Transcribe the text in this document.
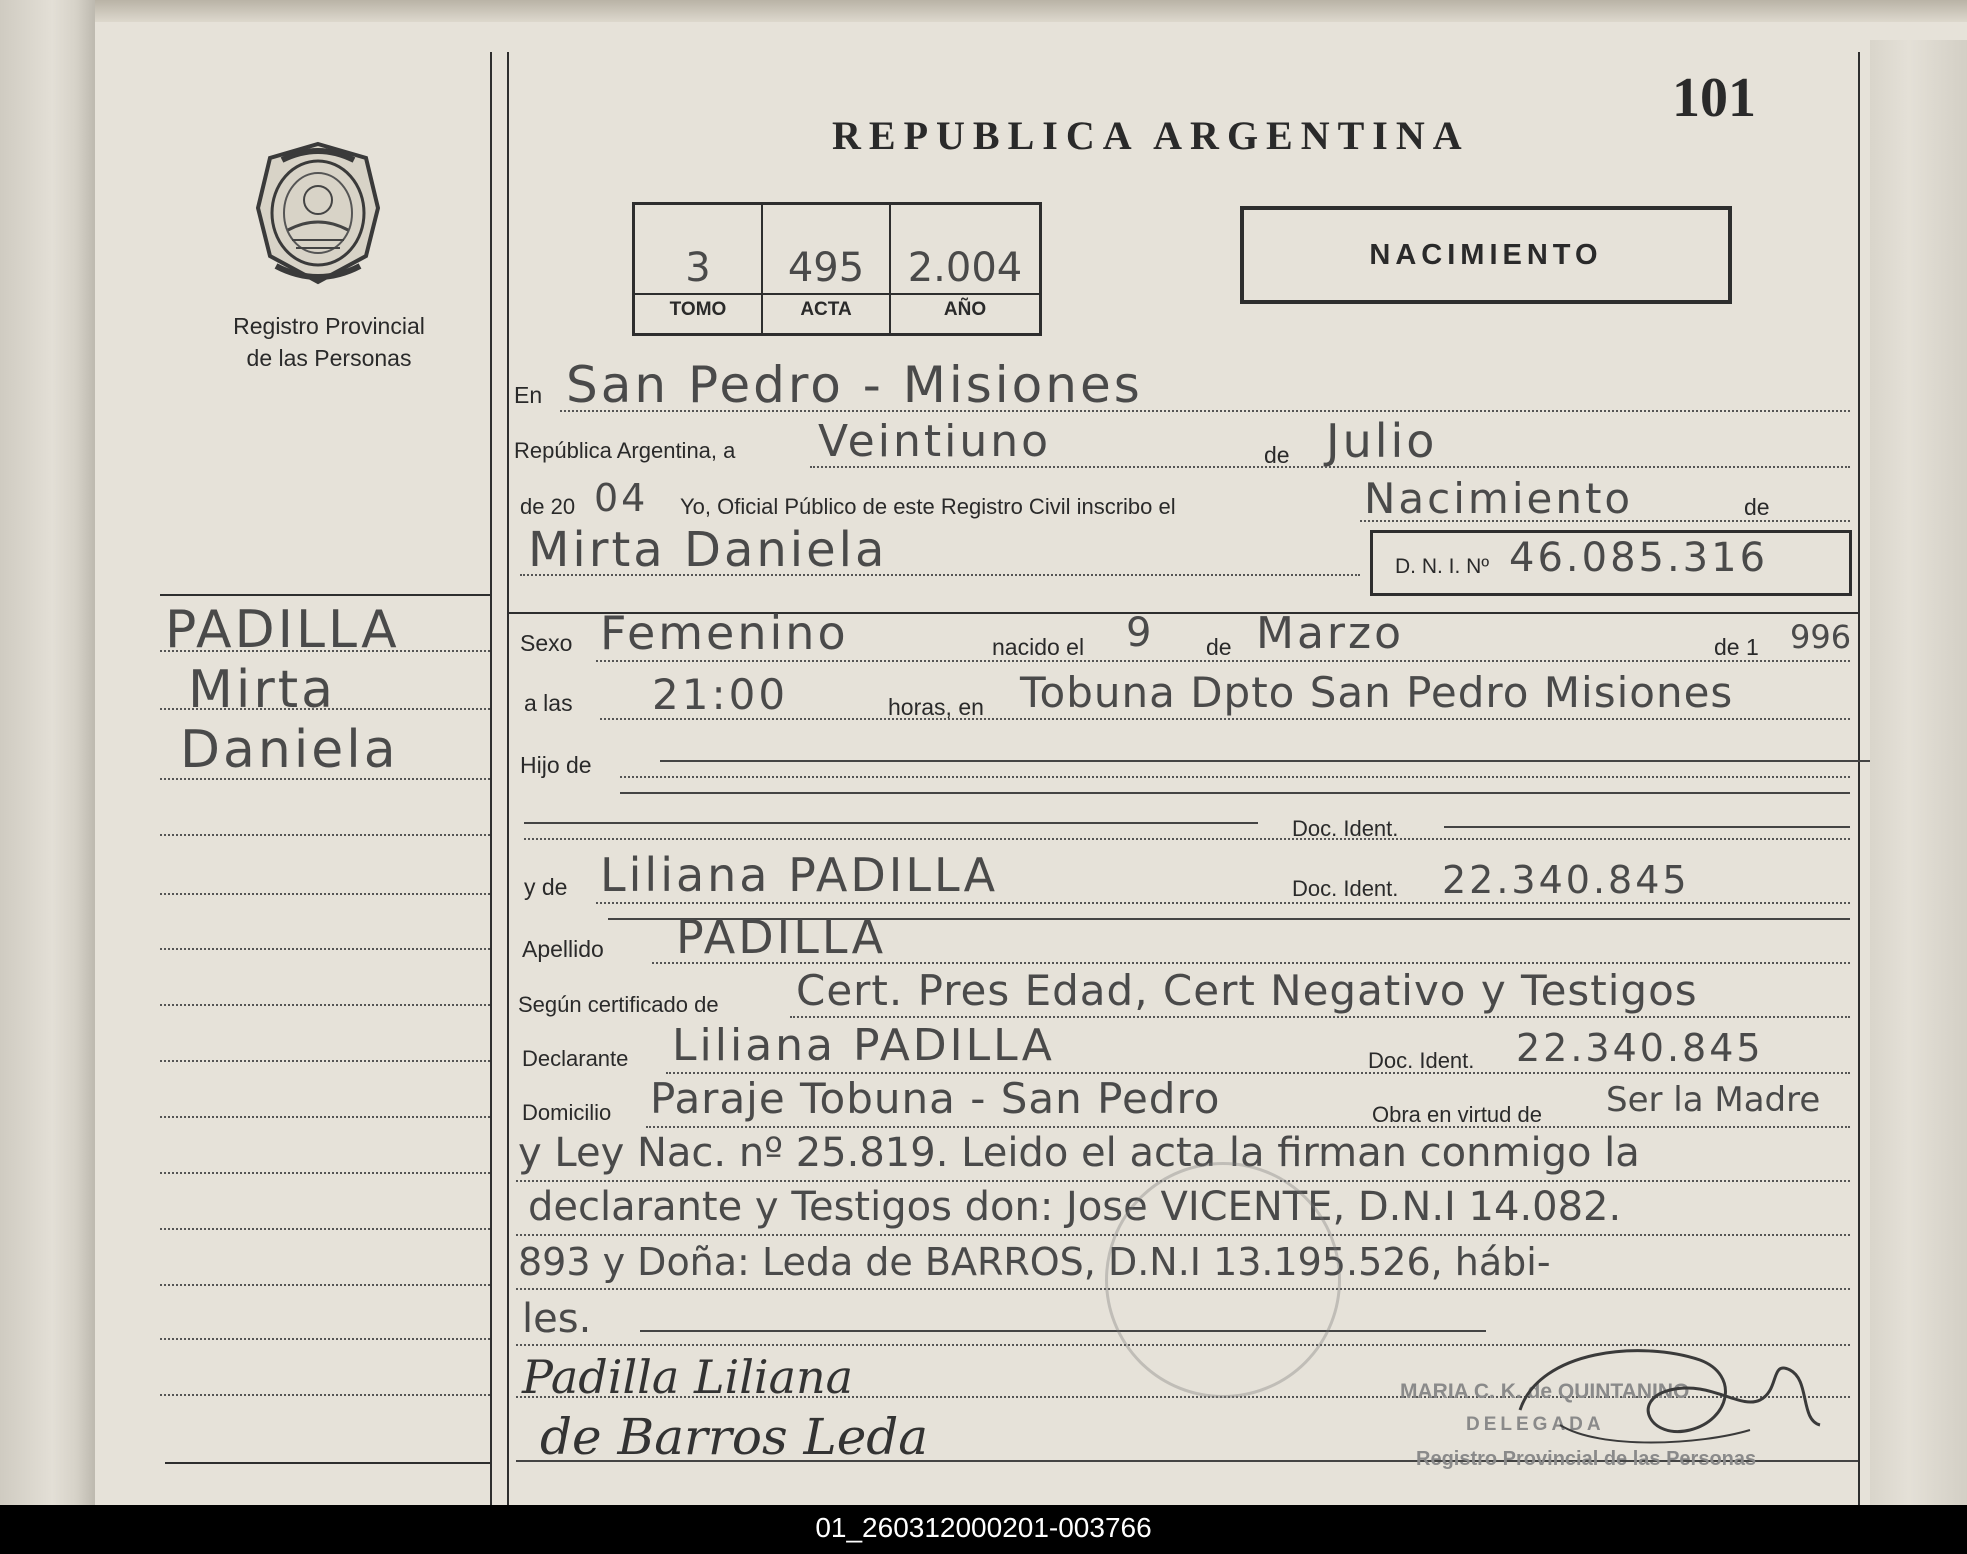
REPUBLICA ARGENTINA
101
Registro Provincial
de las Personas
3	495	2.004
TOMO	ACTA	AÑO
NACIMIENTO
PADILLA
Mirta
Daniela
En San Pedro - Misiones
República Argentina, a Veintiuno	de Julio
de 20 04 Yo, Oficial Público de este Registro Civil inscribo el	Nacimiento	de
Mirta Daniela	D. N. I. Nº 46.085.316
Sexo Femenino	nacido el 9 de Marzo	de 1 996
a las 21:00	horas, en Tobuna Dpto San Pedro Misiones
Hijo de
Doc. Ident.
y de Liliana PADILLA	Doc. Ident. 22.340.845
Apellido PADILLA
Según certificado de Cert. Pres Edad, Cert Negativo y Testigos
Declarante Liliana PADILLA	Doc. Ident. 22.340.845
Domicilio Paraje Tobuna - San Pedro	Obra en virtud de Ser la Madre
y Ley Nac. nº 25.819. Leido el acta la firman conmigo la
declarante y Testigos don: Jose VICENTE, D.N.I 14.082.
893 y Doña: Leda de BARROS, D.N.I 13.195.526, hábi-
les.
Padilla Liliana
de Barros Leda
MARIA C. K. de QUINTANINO
DELEGADA
Registro Provincial de las Personas
01_260312000201-003766
